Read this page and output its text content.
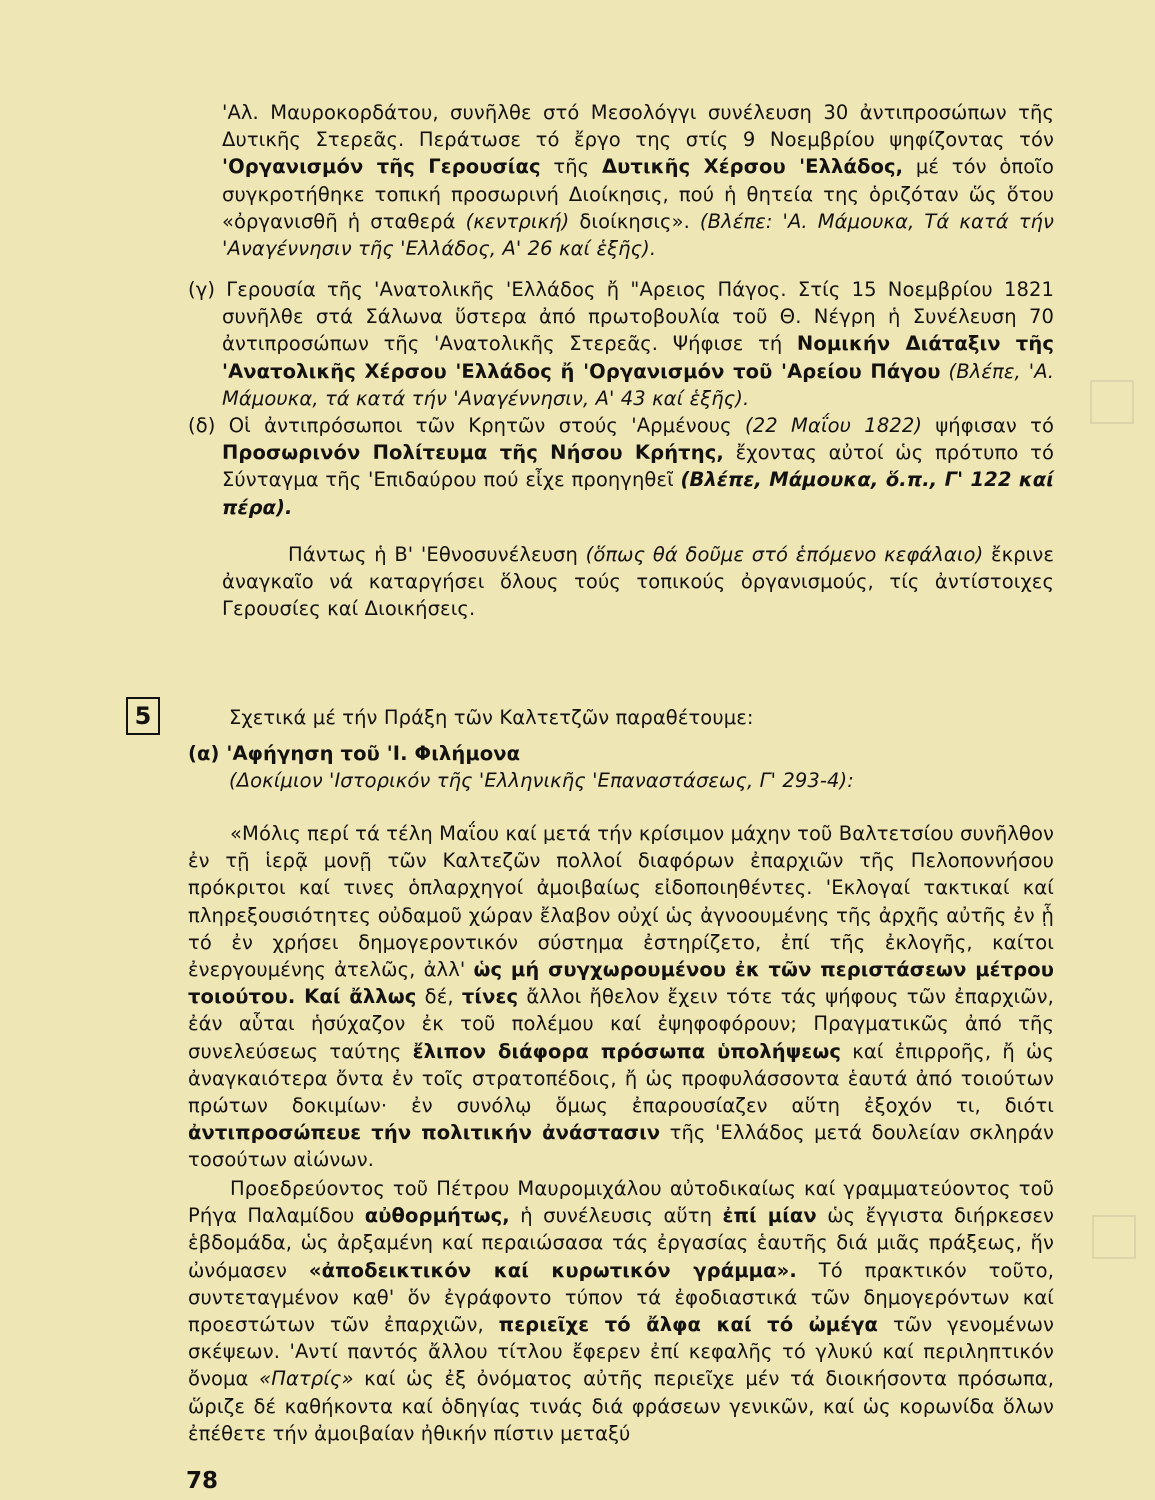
'Αλ. Μαυροκορδάτου, συνῆλθε στό Μεσολόγγι συνέλευση 30 ἀντιπροσώπων τῆς Δυτικῆς Στερεᾶς. Περάτωσε τό ἔργο της στίς 9 Νοεμβρίου ψηφίζοντας τόν 'Οργανισμόν τῆς Γερουσίας τῆς Δυτικῆς Χέρσου 'Ελλάδος, μέ τόν ὁποῖο συγκροτήθηκε τοπική προσωρινή Διοίκησις, πού ἡ θητεία της ὁριζόταν ὥς ὅτου «ὀργανισθῆ ἡ σταθερά (κεντρική) διοίκησις». (Βλέπε: 'Α. Μάμουκα, Τά κατά τήν 'Αναγέννησιν τῆς 'Ελλάδος, Α' 26 καί ἑξῆς).

(γ) Γερουσία τῆς 'Ανατολικῆς 'Ελλάδος ἤ "Αρειος Πάγος. Στίς 15 Νοεμβρίου 1821 συνῆλθε στά Σάλωνα ὕστερα ἀπό πρωτοβουλία τοῦ Θ. Νέγρη ἡ Συνέλευση 70 ἀντιπροσώπων τῆς 'Ανατολικῆς Στερεᾶς. Ψήφισε τή Νομικήν Διάταξιν τῆς 'Ανατολικῆς Χέρσου 'Ελλάδος ἤ 'Οργανισμόν τοῦ 'Αρείου Πάγου (Βλέπε, 'Α. Μάμουκα, τά κατά τήν 'Αναγέννησιν, Α' 43 καί ἑξῆς).

(δ) Οἱ ἀντιπρόσωποι τῶν Κρητῶν στούς 'Αρμένους (22 Μαΐου 1822) ψήφισαν τό Προσωρινόν Πολίτευμα τῆς Νήσου Κρήτης, ἔχοντας αὐτοί ὡς πρότυπο τό Σύνταγμα τῆς 'Επιδαύρου πού εἶχε προηγηθεῖ (Βλέπε, Μάμουκα, ὅ.π., Γ' 122 καί πέρα).

Πάντως ἡ Β' 'Εθνοσυνέλευση (ὅπως θά δοῦμε στό ἑπόμενο κεφάλαιο) ἔκρινε ἀναγκαῖο νά καταργήσει ὅλους τούς τοπικούς ὀργανισμούς, τίς ἀντίστοιχες Γερουσίες καί Διοικήσεις.

5	Σχετικά μέ τήν Πράξη τῶν Καλτετζῶν παραθέτουμε:
(α) 'Αφήγηση τοῦ 'Ι. Φιλήμονα
(Δοκίμιον 'Ιστορικόν τῆς 'Ελληνικῆς 'Επαναστάσεως, Γ' 293-4):

«Μόλις περί τά τέλη Μαΐου καί μετά τήν κρίσιμον μάχην τοῦ Βαλτετσίου συνῆλθον ἐν τῇ ἱερᾷ μονῇ τῶν Καλτεζῶν πολλοί διαφόρων ἐπαρχιῶν τῆς Πελοποννήσου πρόκριτοι καί τινες ὁπλαρχηγοί ἀμοιβαίως εἰδοποιηθέντες. 'Εκλογαί τακτικαί καί πληρεξουσιότητες οὐδαμοῦ χώραν ἔλαβον οὐχί ὡς ἀγνοουμένης τῆς ἀρχῆς αὐτῆς ἐν ᾗ τό ἐν χρήσει δημογεροντικόν σύστημα ἐστηρίζετο, ἐπί τῆς ἐκλογῆς, καίτοι ἐνεργουμένης ἀτελῶς, ἀλλ' ὡς μή συγχωρουμένου ἐκ τῶν περιστάσεων μέτρου τοιούτου. Καί ἄλλως δέ, τίνες ἄλλοι ἤθελον ἔχειν τότε τάς ψήφους τῶν ἐπαρχιῶν, ἐάν αὗται ἡσύχαζον ἐκ τοῦ πολέμου καί ἐψηφοφόρουν; Πραγματικῶς ἀπό τῆς συνελεύσεως ταύτης ἔλιπον διάφορα πρόσωπα ὑπολήψεως καί ἐπιρροῆς, ἤ ὡς ἀναγκαιότερα ὄντα ἐν τοῖς στρατοπέδοις, ἤ ὡς προφυλάσσοντα ἑαυτά ἀπό τοιούτων πρώτων δοκιμίων· ἐν συνόλῳ ὅμως ἐπαρουσίαζεν αὕτη ἐξοχόν τι, διότι ἀντιπροσώπευε τήν πολιτικήν ἀνάστασιν τῆς 'Ελλάδος μετά δουλείαν σκληράν τοσούτων αἰώνων.

Προεδρεύοντος τοῦ Πέτρου Μαυρομιχάλου αὐτοδικαίως καί γραμματεύοντος τοῦ Ρήγα Παλαμίδου αὐθορμήτως, ἡ συνέλευσις αὕτη ἐπί μίαν ὡς ἔγγιστα διήρκεσεν ἑβδομάδα, ὡς ἀρξαμένη καί περαιώσασα τάς ἐργασίας ἑαυτῆς διά μιᾶς πράξεως, ἥν ὠνόμασεν «ἀποδεικτικόν καί κυρωτικόν γράμμα». Τό πρακτικόν τοῦτο, συντεταγμένον καθ' ὅν ἐγράφοντο τύπον τά ἐφοδιαστικά τῶν δημογερόντων καί προεστώτων τῶν ἐπαρχιῶν, περιεῖχε τό ἄλφα καί τό ὠμέγα τῶν γενομένων σκέψεων. 'Αντί παντός ἄλλου τίτλου ἔφερεν ἐπί κεφαλῆς τό γλυκύ καί περιληπτικόν ὄνομα «Πατρίς» καί ὡς ἐξ ὀνόματος αὐτῆς περιεῖχε μέν τά διοικήσοντα πρόσωπα, ὥριζε δέ καθήκοντα καί ὁδηγίας τινάς διά φράσεων γενικῶν, καί ὡς κορωνίδα ὅλων ἐπέθετε τήν ἀμοιβαίαν ἠθικήν πίστιν μεταξύ

78
